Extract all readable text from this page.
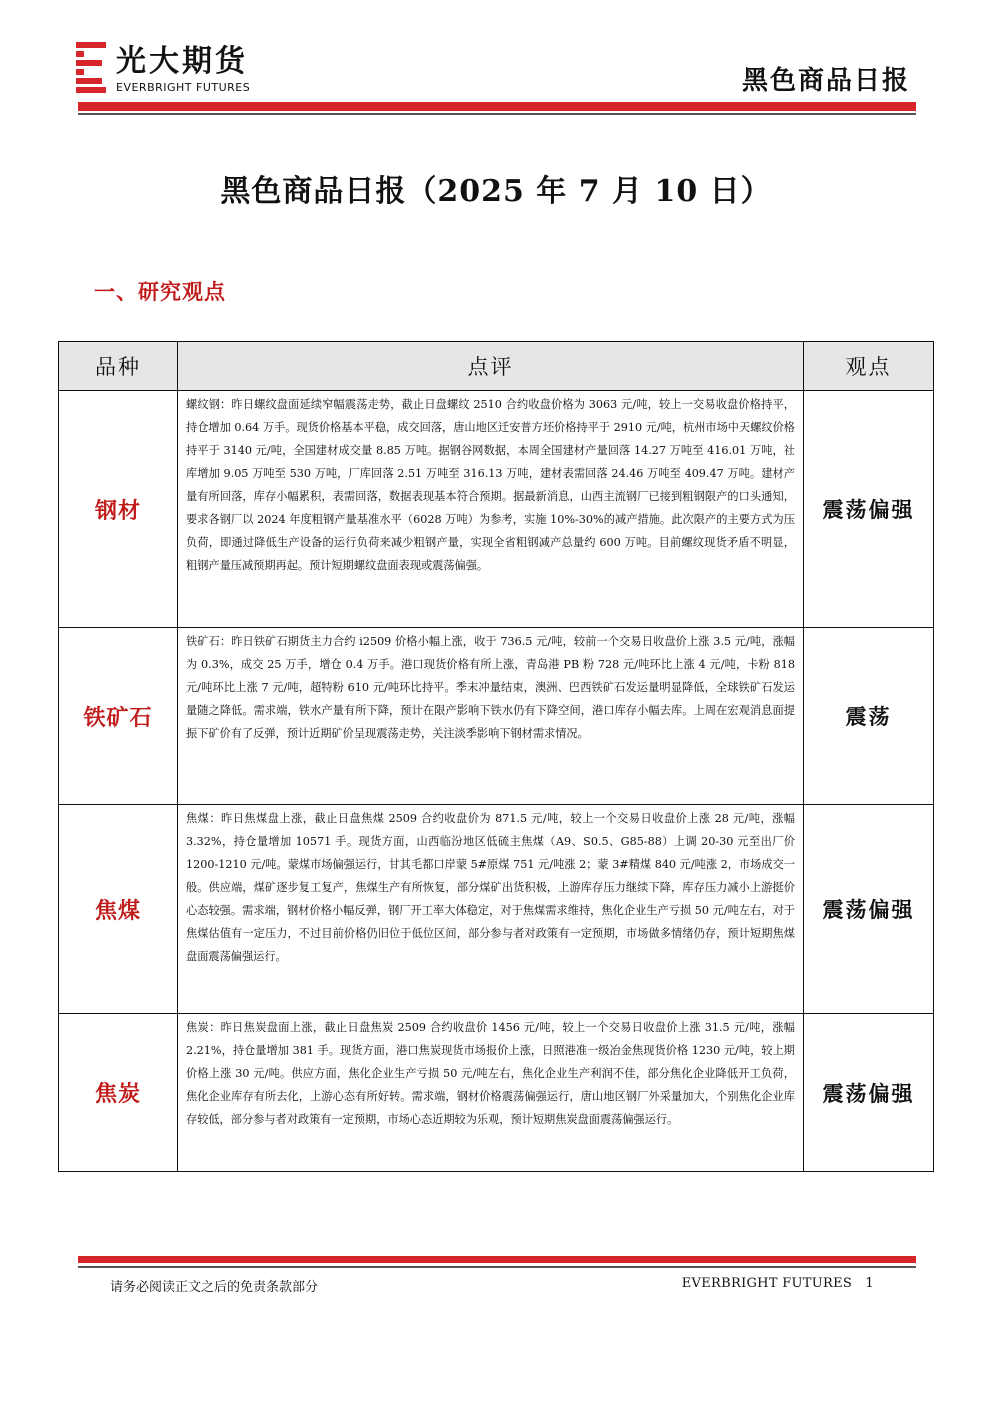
光大期货
EVERBRIGHT FUTURES	黑色商品日报
黑色商品日报（2025 年 7 月 10 日）
一、研究观点
品种	点评	观点
钢材	螺纹钢：昨日螺纹盘面延续窄幅震荡走势，截止日盘螺纹 2510 合约收盘价格为 3063 元/吨，较上一交易收盘价格持平，持仓增加 0.64 万手。现货价格基本平稳，成交回落，唐山地区迁安普方坯价格持平于 2910 元/吨，杭州市场中天螺纹价格持平于 3140 元/吨，全国建材成交量 8.85 万吨。据钢谷网数据，本周全国建材产量回落 14.27 万吨至 416.01 万吨，社库增加 9.05 万吨至 530 万吨，厂库回落 2.51 万吨至 316.13 万吨，建材表需回落 24.46 万吨至 409.47 万吨。建材产量有所回落，库存小幅累积，表需回落，数据表现基本符合预期。据最新消息，山西主流钢厂已接到粗钢限产的口头通知，要求各钢厂以 2024 年度粗钢产量基准水平（6028 万吨）为参考，实施 10%-30%的减产措施。此次限产的主要方式为压负荷，即通过降低生产设备的运行负荷来减少粗钢产量，实现全省粗钢减产总量约 600 万吨。目前螺纹现货矛盾不明显，粗钢产量压减预期再起。预计短期螺纹盘面表现或震荡偏强。	震荡偏强
铁矿石	铁矿石：昨日铁矿石期货主力合约 i2509 价格小幅上涨，收于 736.5 元/吨，较前一个交易日收盘价上涨 3.5 元/吨，涨幅为 0.3%，成交 25 万手，增仓 0.4 万手。港口现货价格有所上涨，青岛港 PB 粉 728 元/吨环比上涨 4 元/吨，卡粉 818 元/吨环比上涨 7 元/吨，超特粉 610 元/吨环比持平。季末冲量结束，澳洲、巴西铁矿石发运量明显降低，全球铁矿石发运量随之降低。需求端，铁水产量有所下降，预计在限产影响下铁水仍有下降空间，港口库存小幅去库。上周在宏观消息面提振下矿价有了反弹，预计近期矿价呈现震荡走势，关注淡季影响下钢材需求情况。	震荡
焦煤	焦煤：昨日焦煤盘上涨，截止日盘焦煤 2509 合约收盘价为 871.5 元/吨，较上一个交易日收盘价上涨 28 元/吨，涨幅 3.32%，持仓量增加 10571 手。现货方面，山西临汾地区低硫主焦煤（A9、S0.5、G85-88）上调 20-30 元至出厂价 1200-1210 元/吨。蒙煤市场偏强运行，甘其毛都口岸蒙 5#原煤 751 元/吨涨 2；蒙 3#精煤 840 元/吨涨 2，市场成交一般。供应端，煤矿逐步复工复产，焦煤生产有所恢复，部分煤矿出货积极，上游库存压力继续下降，库存压力减小上游挺价心态较强。需求端，钢材价格小幅反弹，钢厂开工率大体稳定，对于焦煤需求维持，焦化企业生产亏损 50 元/吨左右，对于焦煤估值有一定压力，不过目前价格仍旧位于低位区间，部分参与者对政策有一定预期，市场做多情绪仍存，预计短期焦煤盘面震荡偏强运行。	震荡偏强
焦炭	焦炭：昨日焦炭盘面上涨，截止日盘焦炭 2509 合约收盘价 1456 元/吨，较上一个交易日收盘价上涨 31.5 元/吨，涨幅 2.21%，持仓量增加 381 手。现货方面，港口焦炭现货市场报价上涨，日照港准一级冶金焦现货价格 1230 元/吨，较上期价格上涨 30 元/吨。供应方面，焦化企业生产亏损 50 元/吨左右，焦化企业生产利润不佳，部分焦化企业降低开工负荷，焦化企业库存有所去化，上游心态有所好转。需求端，钢材价格震荡偏强运行，唐山地区钢厂外采量加大，个别焦化企业库存较低，部分参与者对政策有一定预期，市场心态近期较为乐观，预计短期焦炭盘面震荡偏强运行。	震荡偏强
请务必阅读正文之后的免责条款部分	EVERBRIGHT FUTURES 1
